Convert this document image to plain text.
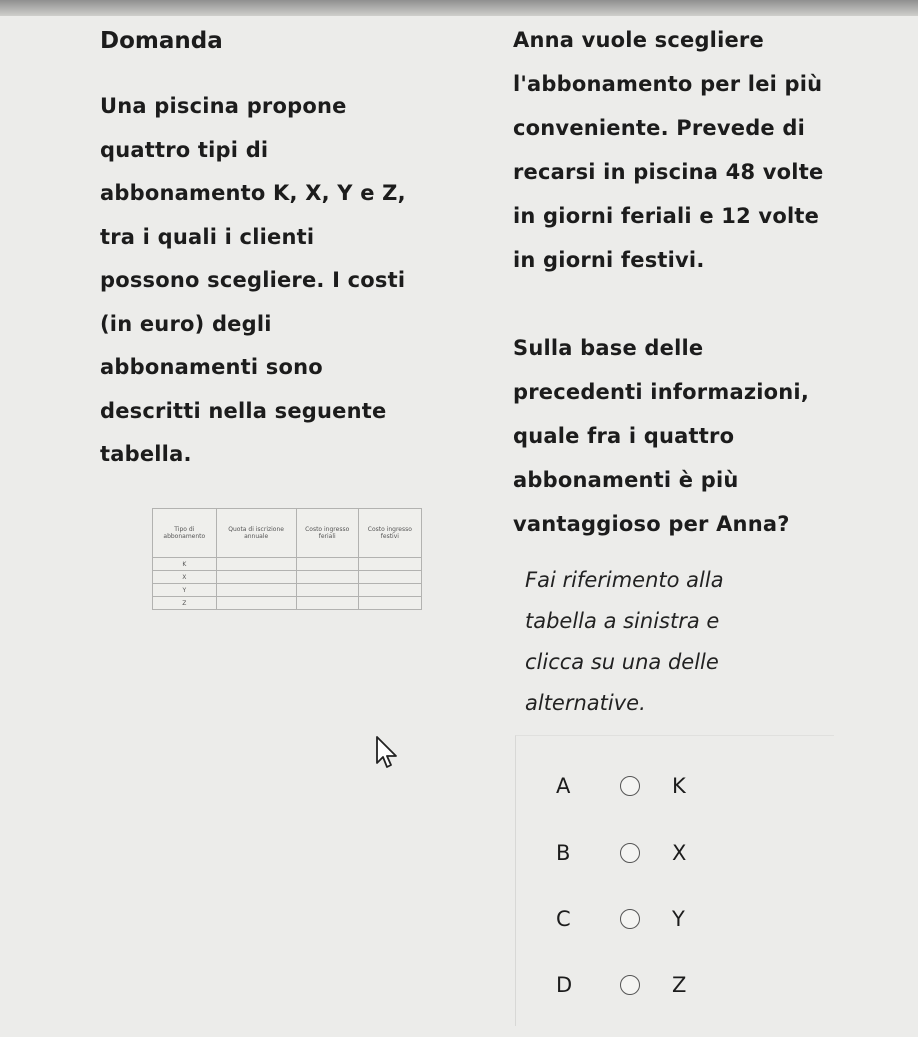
Domanda
Una piscina propone
quattro tipi di
abbonamento K, X, Y e Z,
tra i quali i clienti
possono scegliere. I costi
(in euro) degli
abbonamenti sono
descritti nella seguente
tabella.
Anna vuole scegliere
l'abbonamento per lei più
conveniente. Prevede di
recarsi in piscina 48 volte
in giorni feriali e 12 volte
in giorni festivi.
Sulla base delle
precedenti informazioni,
quale fra i quattro
abbonamenti è più
vantaggioso per Anna?
Tipo di abbonamento	Quota di iscrizione annuale	Costo ingresso feriali	Costo ingresso festivi
K			
X			
Y			
Z			
Fai riferimento alla
tabella a sinistra e
clicca su una delle
alternative.
A	K
B	X
C	Y
D	Z
